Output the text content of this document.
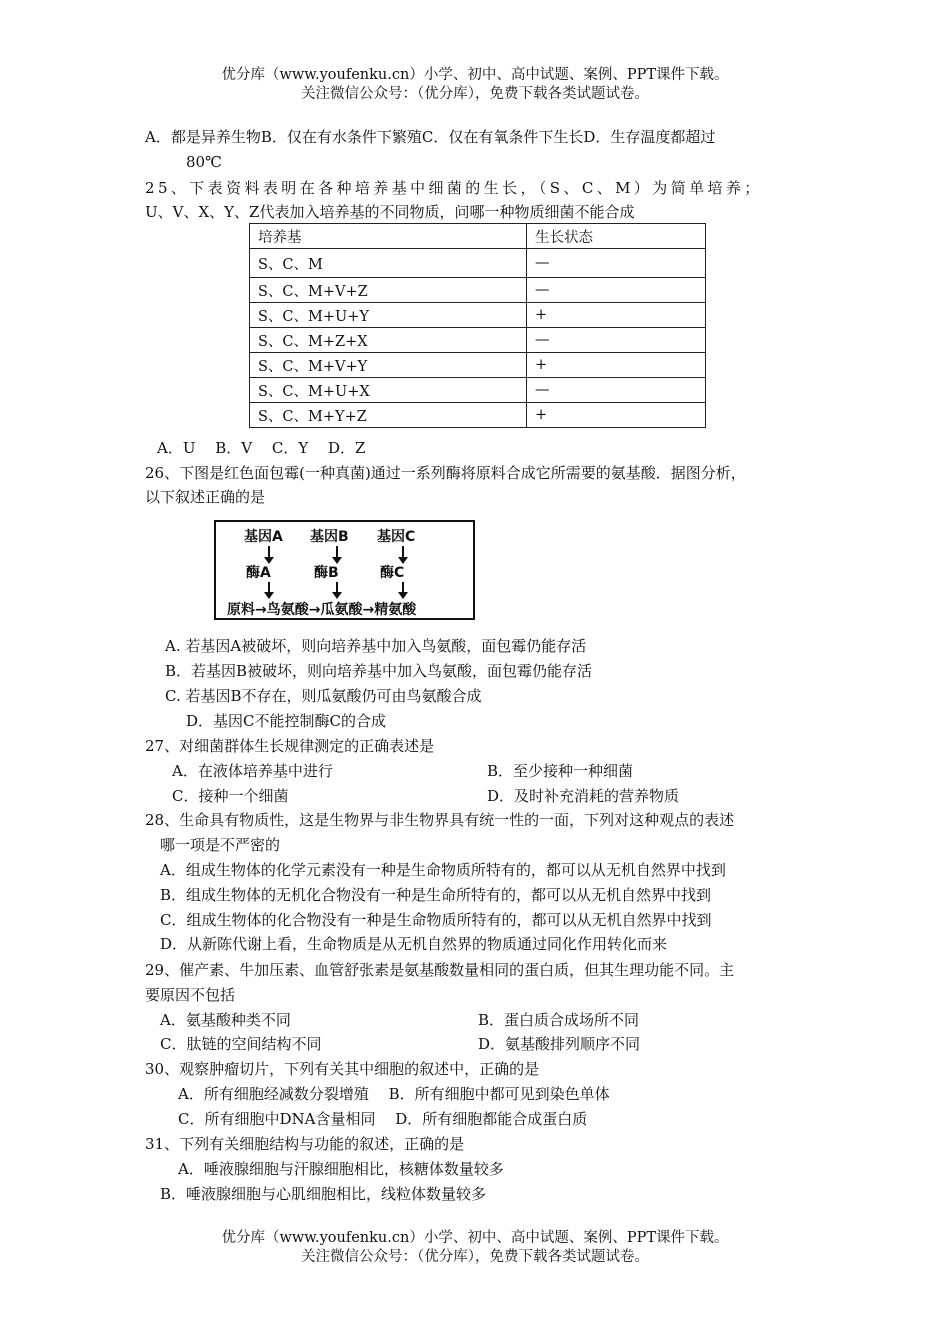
优分库（www.youfenku.cn）小学、初中、高中试题、案例、PPT课件下载。
关注微信公众号：（优分库），免费下载各类试题试卷。
A．都是异养生物B．仅在有水条件下繁殖C．仅在有氧条件下生长D．生存温度都超过
80℃
25、下表资料表明在各种培养基中细菌的生长，（S、C、M）为简单培养；
U、V、X、Y、Z代表加入培养基的不同物质，问哪一种物质细菌不能合成
培养基	生长状态
S、C、M	—
S、C、M+V+Z	—
S、C、M+U+Y	+
S、C、M+Z+X	—
S、C、M+V+Y	+
S、C、M+U+X	—
S、C、M+Y+Z	+
A．U　 B．V　 C．Y　 D．Z
26、下图是红色面包霉(一种真菌)通过一系列酶将原料合成它所需要的氨基酸．据图分析，
以下叙述正确的是
基因A 基因B 基因C
酶A	酶B	酶C
原料→鸟氨酸→瓜氨酸→精氨酸
A. 若基因A被破坏，则向培养基中加入鸟氨酸，面包霉仍能存活
B．若基因B被破坏，则向培养基中加入鸟氨酸，面包霉仍能存活
C. 若基因B不存在，则瓜氨酸仍可由鸟氨酸合成
D．基因C不能控制酶C的合成
27、对细菌群体生长规律测定的正确表述是
A．在液体培养基中进行	B．至少接种一种细菌
C．接种一个细菌	D．及时补充消耗的营养物质
28、生命具有物质性，这是生物界与非生物界具有统一性的一面，下列对这种观点的表述
哪一项是不严密的
A．组成生物体的化学元素没有一种是生命物质所特有的，都可以从无机自然界中找到
B．组成生物体的无机化合物没有一种是生命所特有的，都可以从无机自然界中找到
C．组成生物体的化合物没有一种是生命物质所特有的，都可以从无机自然界中找到
D．从新陈代谢上看，生命物质是从无机自然界的物质通过同化作用转化而来
29、催产素、牛加压素、血管舒张素是氨基酸数量相同的蛋白质，但其生理功能不同。主
要原因不包括
A．氨基酸种类不同	B．蛋白质合成场所不同
C．肽链的空间结构不同	D．氨基酸排列顺序不同
30、观察肿瘤切片，下列有关其中细胞的叙述中，正确的是
A．所有细胞经减数分裂增殖　 B．所有细胞中都可见到染色单体
C．所有细胞中DNA含量相同　 D．所有细胞都能合成蛋白质
31、下列有关细胞结构与功能的叙述，正确的是
A．唾液腺细胞与汗腺细胞相比，核糖体数量较多
B．唾液腺细胞与心肌细胞相比，线粒体数量较多
优分库（www.youfenku.cn）小学、初中、高中试题、案例、PPT课件下载。
关注微信公众号：（优分库），免费下载各类试题试卷。
